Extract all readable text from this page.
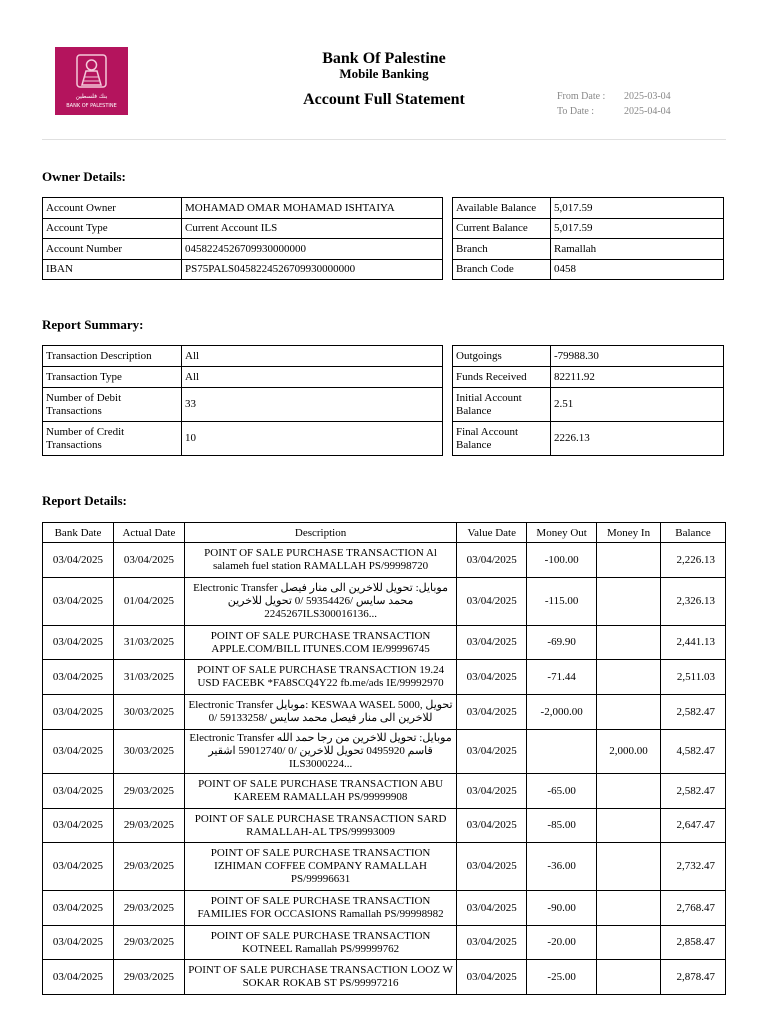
بنك فلسطين
BANK OF PALESTINE
Bank Of Palestine
Mobile Banking
Account Full Statement	From Date :	2025-03-04
To Date :	2025-04-04
Owner Details:
Account Owner	MOHAMAD OMAR MOHAMAD ISHTAIYA
Account Type	Current Account ILS
Account Number	0458224526709930000000
IBAN	PS75PALS0458224526709930000000
Available Balance	5,017.59
Current Balance	5,017.59
Branch	Ramallah
Branch Code	0458
Report Summary:
Transaction Description	All
Transaction Type	All
Number of Debit Transactions	33
Number of Credit Transactions	10
Outgoings	-79988.30
Funds Received	82211.92
Initial Account Balance	2.51
Final Account Balance	2226.13
Report Details:
Bank Date	Actual Date	Description	Value Date	Money Out	Money In	Balance
03/04/2025	03/04/2025	POINT OF SALE PURCHASE TRANSACTION Al salameh fuel station RAMALLAH PS/99998720	03/04/2025	-100.00		2,226.13
03/04/2025	01/04/2025	Electronic Transfer موبايل: تحويل للاخرين الى منار فيصل محمد سايس /59354426 /0 تحويل للاخرين 2245267ILS300016136...	03/04/2025	-115.00		2,326.13
03/04/2025	31/03/2025	POINT OF SALE PURCHASE TRANSACTION APPLE.COM/BILL ITUNES.COM IE/99996745	03/04/2025	-69.90		2,441.13
03/04/2025	31/03/2025	POINT OF SALE PURCHASE TRANSACTION 19.24 USD FACEBK *FA8SCQ4Y22 fb.me/ads IE/99992970	03/04/2025	-71.44		2,511.03
03/04/2025	30/03/2025	Electronic Transfer موبايل: KESWAA WASEL 5000, تحويل للاخرين الى منار فيصل محمد سايس /59133258 /0	03/04/2025	-2,000.00		2,582.47
03/04/2025	30/03/2025	Electronic Transfer موبايل: تحويل للاخرين من رجا حمد الله قاسم 0495920 تحويل للاخرين /0 /59012740 اشقير ILS3000224...	03/04/2025		2,000.00	4,582.47
03/04/2025	29/03/2025	POINT OF SALE PURCHASE TRANSACTION ABU KAREEM RAMALLAH PS/99999908	03/04/2025	-65.00		2,582.47
03/04/2025	29/03/2025	POINT OF SALE PURCHASE TRANSACTION SARD RAMALLAH-AL TPS/99993009	03/04/2025	-85.00		2,647.47
03/04/2025	29/03/2025	POINT OF SALE PURCHASE TRANSACTION IZHIMAN COFFEE COMPANY RAMALLAH PS/99996631	03/04/2025	-36.00		2,732.47
03/04/2025	29/03/2025	POINT OF SALE PURCHASE TRANSACTION FAMILIES FOR OCCASIONS Ramallah PS/99998982	03/04/2025	-90.00		2,768.47
03/04/2025	29/03/2025	POINT OF SALE PURCHASE TRANSACTION KOTNEEL Ramallah PS/99999762	03/04/2025	-20.00		2,858.47
03/04/2025	29/03/2025	POINT OF SALE PURCHASE TRANSACTION LOOZ W SOKAR ROKAB ST PS/99997216	03/04/2025	-25.00		2,878.47
